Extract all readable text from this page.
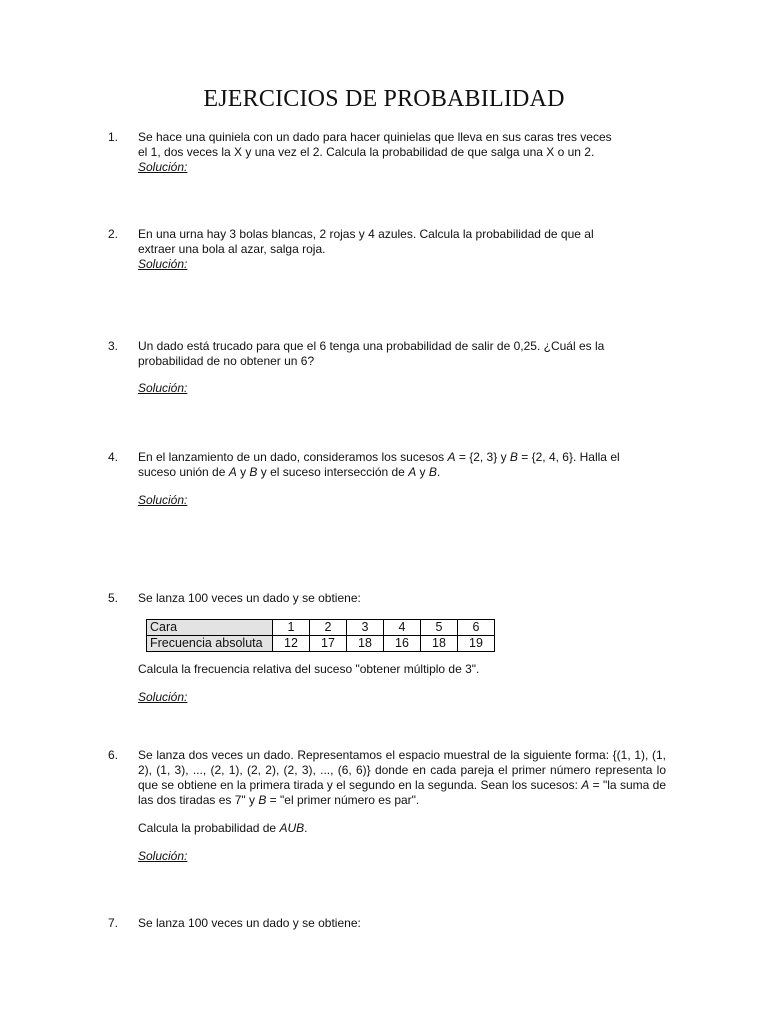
EJERCICIOS DE PROBABILIDAD
1.	Se hace una quiniela con un dado para hacer quinielas que lleva en sus caras tres veces
el 1, dos veces la X y una vez el 2. Calcula la probabilidad de que salga una X o un 2.
Solución:
2.	En una urna hay 3 bolas blancas, 2 rojas y 4 azules. Calcula la probabilidad de que al
extraer una bola al azar, salga roja.
Solución:
3.	Un dado está trucado para que el 6 tenga una probabilidad de salir de 0,25. ¿Cuál es la
probabilidad de no obtener un 6?
Solución:
4.	En el lanzamiento de un dado, consideramos los sucesos A = {2, 3} y B = {2, 4, 6}. Halla el
suceso unión de A y B y el suceso intersección de A y B.
Solución:
5.	Se lanza 100 veces un dado y se obtiene:
Cara	1	2	3	4	5	6
Frecuencia absoluta	12	17	18	16	18	19
Calcula la frecuencia relativa del suceso "obtener múltiplo de 3".
Solución:
6.	Se lanza dos veces un dado. Representamos el espacio muestral de la siguiente forma: {(1, 1), (1, 2), (1, 3), ..., (2, 1), (2, 2), (2, 3), ..., (6, 6)} donde en cada pareja el primer número representa lo que se obtiene en la primera tirada y el segundo en la segunda. Sean los sucesos: A = "la suma de las dos tiradas es 7" y B = "el primer número es par".
Calcula la probabilidad de AUB.
Solución:
7.	Se lanza 100 veces un dado y se obtiene:
